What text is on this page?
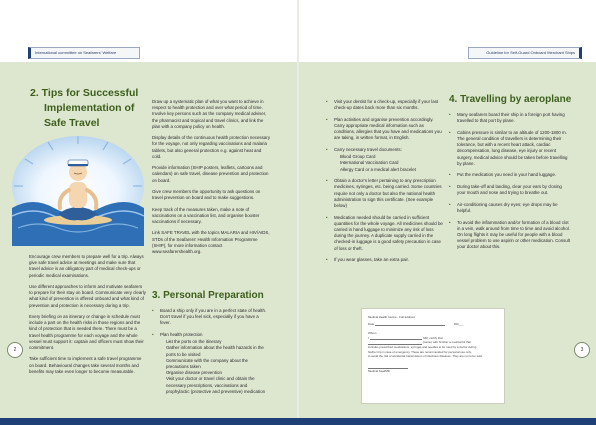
International committee on Seafarers' Welfare	Guideline for Self-Guard Onboard Merchant Ships
2. Tips for Successful
Implementation of
Safe Travel

Encourage crew members to prepare well for a trip. Always give safe travel advice at meetings and make sure that travel advice is an obligatory part of medical check-ups or periodic medical examinations.

Use different approaches to inform and motivate seafarers to prepare for their stay on board. Communicate very clearly what kind of prevention is offered onboard and what kind of prevention and protection is necessary during a trip.

Every briefing on an itinerary or change in schedule must include a part on the health risks in those regions and the kind of protection that is needed there. There must be a travel health programme for each voyage and the whole vessel must support it: captain and officers must show their commitment.

Take sufficient time to implement a safe travel programme on board. Behavioural changes take several months and benefits may take even longer to become measurable.

Draw up a systematic plan of what you want to achieve in respect to health protection and over what period of time. Involve key persons such as the company medical adviser, the pharmacist and tropical and travel clinics, and link the plan with a company policy on health.

Display details of the continuous health protection necessary for the voyage, not only regarding vaccinations and malaria tablets, but also general protection e.g. against heat and cold.

Provide information (SHIP posters, leaflets, cartoons and calendars) on safe travel, disease prevention and protection on board.

Give crew members the opportunity to ask questions on travel prevention on board and to make suggestions.

Keep track of the measures taken, make a note of vaccinations on a vaccination list, and organise booster vaccinations if necessary.

Link SAFE TRAVEL with the topics MALARIA and HIV/AIDS, STDs of the Seafarers' Health Information Programme (SHIP), for more information contact www.seafarershealth.org.

3. Personal Preparation
• Board a ship only if you are in a perfect state of health. Don't travel if you feel sick, especially if you have a fever.
• Plan health protection
– List the ports on the itinerary
– Gather information about the health hazards in the ports to be visited
– Communicate with the company about the precautions taken
– Organise disease prevention
– Visit your doctor or travel clinic and obtain the necessary prescriptions, vaccinations and prophylactic (protective and preventive) medication
• Visit your dentist for a check-up, especially if your last check-up dates back more than six months.
• Plan activities and organise prevention accordingly. Carry appropriate medical information such as conditions, allergies that you have and medications you are taking, in written format, in English.
• Carry necessary travel documents:
– Blood Group Card
– International Vaccination Card
– Allergy Card or a medical alert bracelet
• Obtain a doctor's letter pertaining to any prescription medicines, syringes, etc. being carried. Some countries require not only a doctor but also the national health administration to sign this certificate. (See example below)
• Medication needed should be carried in sufficient quantities for the whole voyage. All medicines should be carried in hand luggage to minimize any risk of loss during the journey. A duplicate supply carried in the checked-in luggage is a good safety precaution in case of loss or theft.
• If you wear glasses, take an extra pair.
4. Travelling by aeroplane
• Many seafarers board their ship in a foreign port having travelled to that port by plane.
• Cabins pressure is similar to an altitude of 1200-1800 m. The general condition of travellers is determining their tolerance, but with a recent heart attack, cardiac decompensation, lung disease, eye injury or recent surgery, medical advice should be taken before travelling by plane.
• Put the medication you need in your hand luggage.
• During take-off and landing, clear your ears by closing your mouth and nose and trying to breathe out.
• Air-conditioning causes dry eyes; eye drops may be helpful.
• To avoid the inflammation and/or formation of a blood clot in a vein, walk around from time to time and avoid alcohol. On long flights it may be useful for people with a blood vessel problem to use aspirin or other medication. Consult your doctor about this.
Medical Health Centre - Full address
Date	200___
Whom
I,	MD, certify that
(name) with him/her a medical kit that
includes prescribed medications, syringes and needles to be used by a doctor during
his/her trip in case of emergency. These are recommended for personal use only,
to avoid the risk of accidental transmission of infectious diseases. They are not to be sold.
Medical Seal/MD
2	3
